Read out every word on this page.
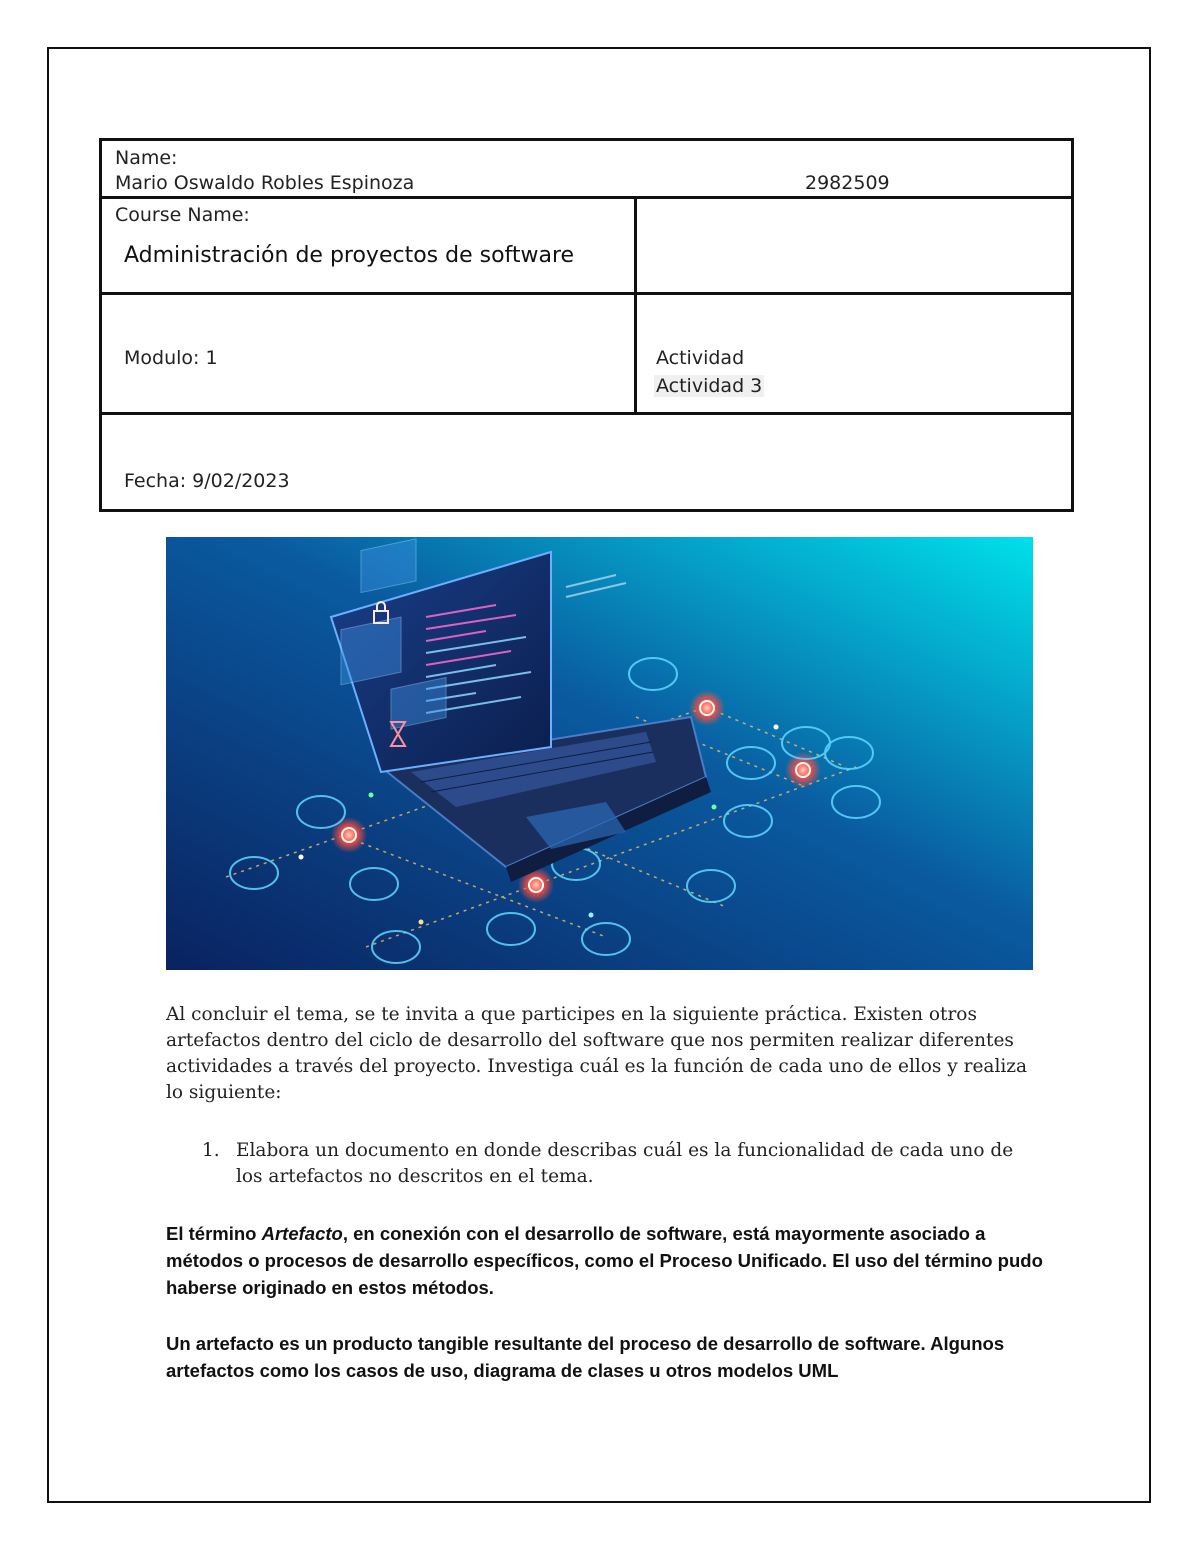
Name:
Mario Oswaldo Robles Espinoza	2982509
Course Name:
Administración de proyectos de software
Modulo: 1	Actividad
Actividad 3
Fecha: 9/02/2023
Al concluir el tema, se te invita a que participes en la siguiente práctica. Existen otros artefactos dentro del ciclo de desarrollo del software que nos permiten realizar diferentes actividades a través del proyecto. Investiga cuál es la función de cada uno de ellos y realiza lo siguiente:
1. Elabora un documento en donde describas cuál es la funcionalidad de cada uno de los artefactos no descritos en el tema.
El término Artefacto, en conexión con el desarrollo de software, está mayormente asociado a métodos o procesos de desarrollo específicos, como el Proceso Unificado. El uso del término pudo haberse originado en estos métodos.
Un artefacto es un producto tangible resultante del proceso de desarrollo de software. Algunos artefactos como los casos de uso, diagrama de clases u otros modelos UML
